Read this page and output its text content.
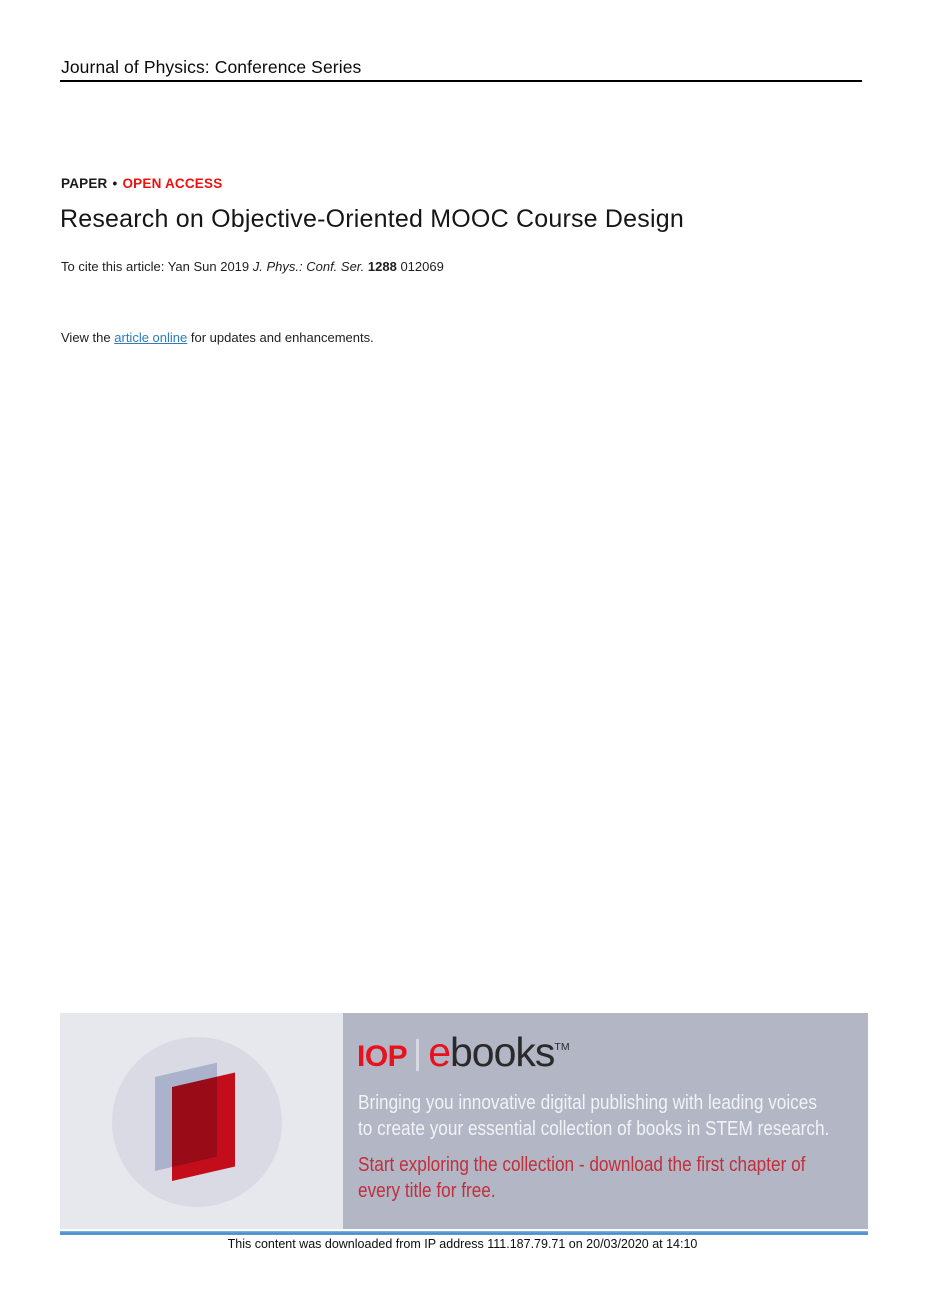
Journal of Physics: Conference Series
PAPER • OPEN ACCESS
Research on Objective-Oriented MOOC Course Design

To cite this article: Yan Sun 2019 J. Phys.: Conf. Ser. 1288 012069

View the article online for updates and enhancements.

IOP ebooksTM
Bringing you innovative digital publishing with leading voices
to create your essential collection of books in STEM research.
Start exploring the collection - download the first chapter of
every title for free.

This content was downloaded from IP address 111.187.79.71 on 20/03/2020 at 14:10
